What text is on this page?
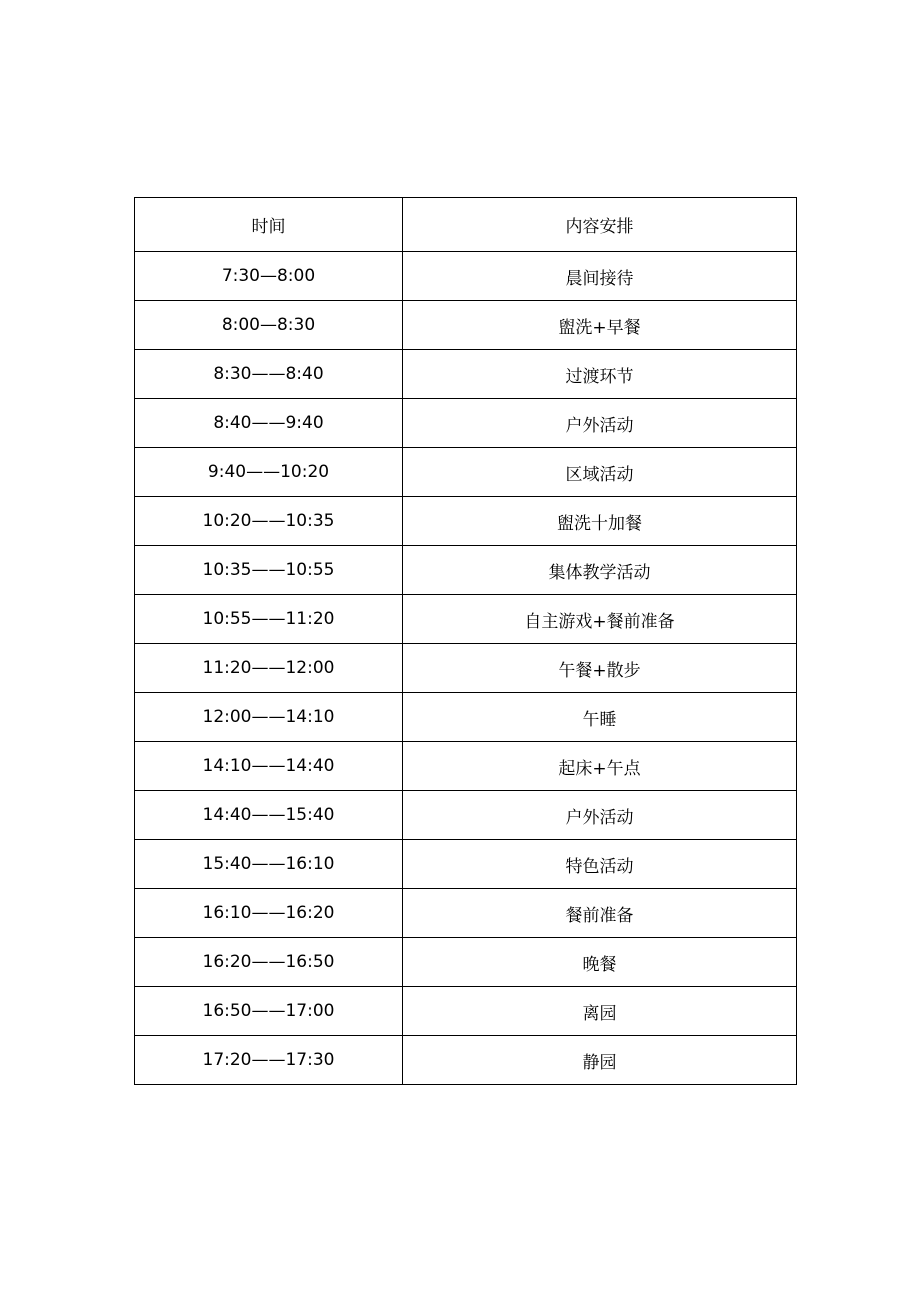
时间	内容安排
7:30—8:00	晨间接待
8:00—8:30	盥洗+早餐
8:30——8:40	过渡环节
8:40——9:40	户外活动
9:40——10:20	区域活动
10:20——10:35	盥洗十加餐
10:35——10:55	集体教学活动
10:55——11:20	自主游戏+餐前准备
11:20——12:00	午餐+散步
12:00——14:10	午睡
14:10——14:40	起床+午点
14:40——15:40	户外活动
15:40——16:10	特色活动
16:10——16:20	餐前准备
16:20——16:50	晚餐
16:50——17:00	离园
17:20——17:30	静园
